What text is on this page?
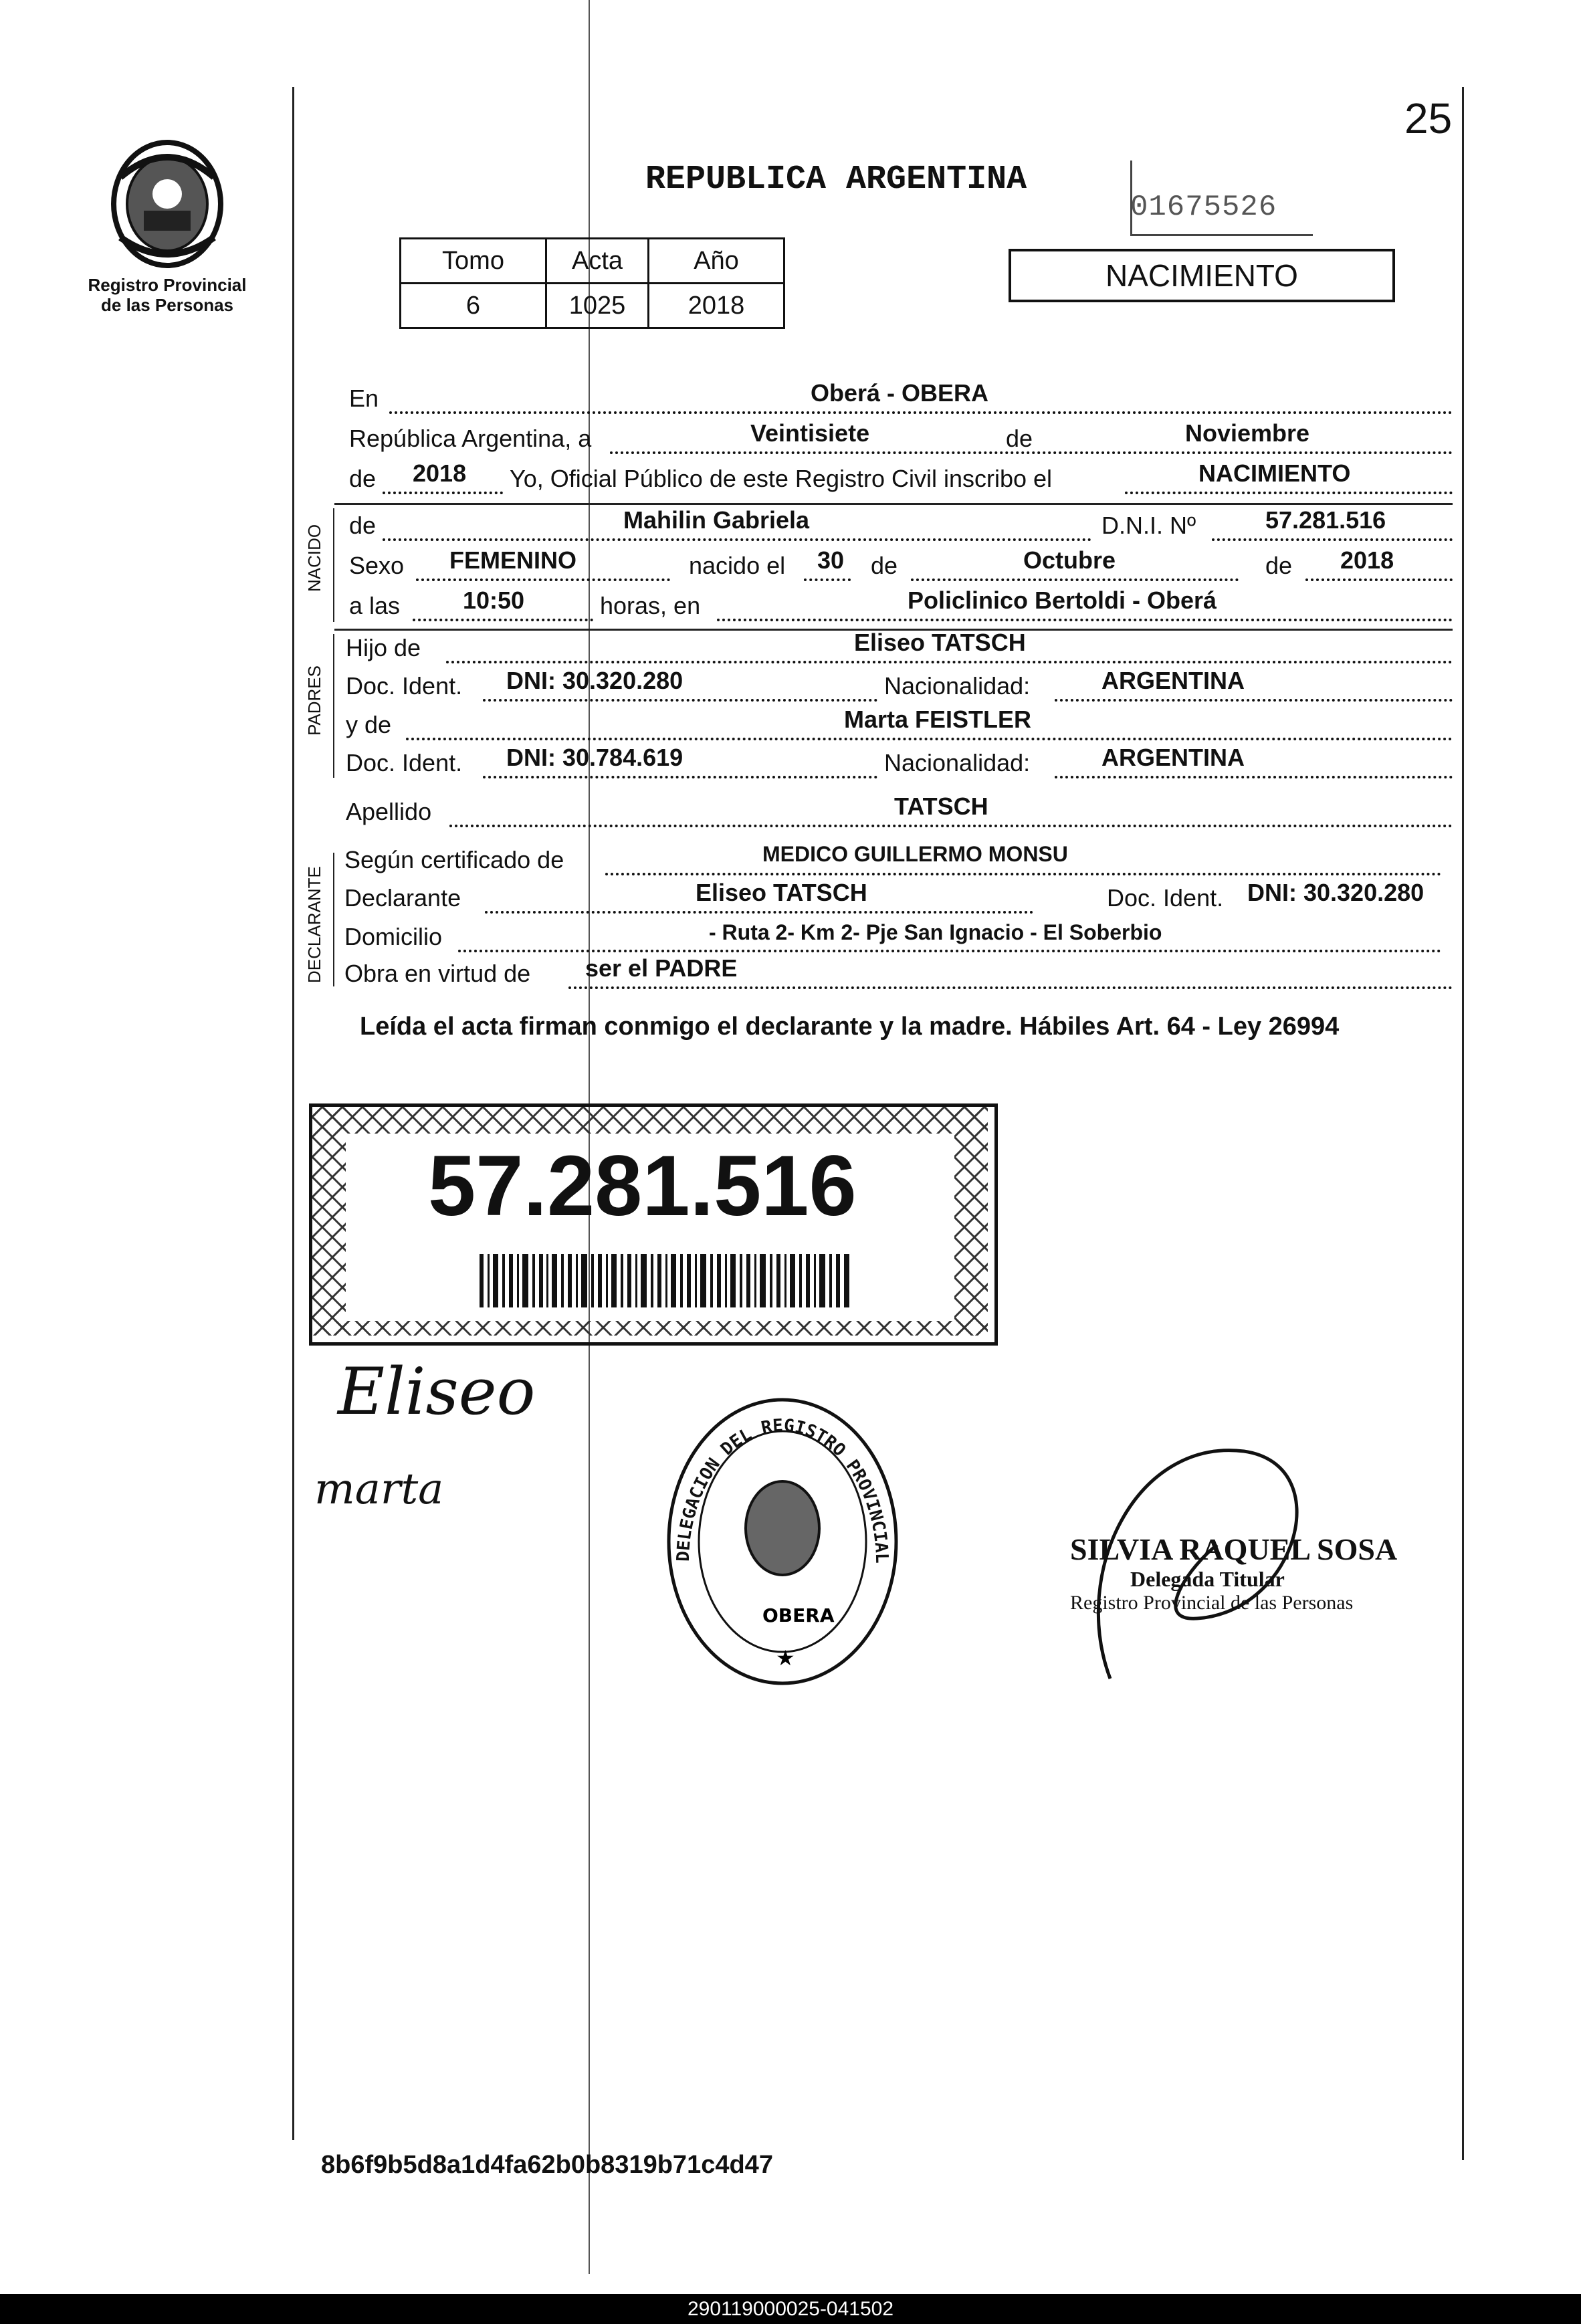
Registro Provincial de las Personas
25
REPUBLICA ARGENTINA
01675526
Tomo	Acta	Año
6	1025	2018
NACIMIENTO
En	Oberá - OBERA
República Argentina, a	Veintisiete	de	Noviembre
de 2018 Yo, Oficial Público de este Registro Civil inscribo el	NACIMIENTO
NACIDO de	Mahilin Gabriela	D.N.I. Nº	57.281.516
Sexo FEMENINO	nacido el 30 de	Octubre	de 2018
a las	10:50	horas, en	Policlinico Bertoldi - Oberá
PADRES
Hijo de	Eliseo TATSCH
Doc. Ident. DNI: 30.320.280	Nacionalidad:	ARGENTINA
y de	Marta FEISTLER
Doc. Ident. DNI: 30.784.619	Nacionalidad:	ARGENTINA
Apellido	TATSCH
DECLARANTE
Según certificado de	MEDICO GUILLERMO MONSU
Declarante	Eliseo TATSCH	Doc. Ident. DNI: 30.320.280
Domicilio	- Ruta 2- Km 2- Pje San Ignacio - El Soberbio
Obra en virtud de ser el PADRE
Leída el acta firman conmigo el declarante y la madre. Hábiles Art. 64 - Ley 26994
57.281.516
Eliseo
marta
DELEGACION DEL REGISTRO PROVINCIAL
OBERA
★
SILVIA RAQUEL SOSA
Delegada Titular
Registro Provincial de las Personas
8b6f9b5d8a1d4fa62b0b8319b71c4d47
290119000025-041502
